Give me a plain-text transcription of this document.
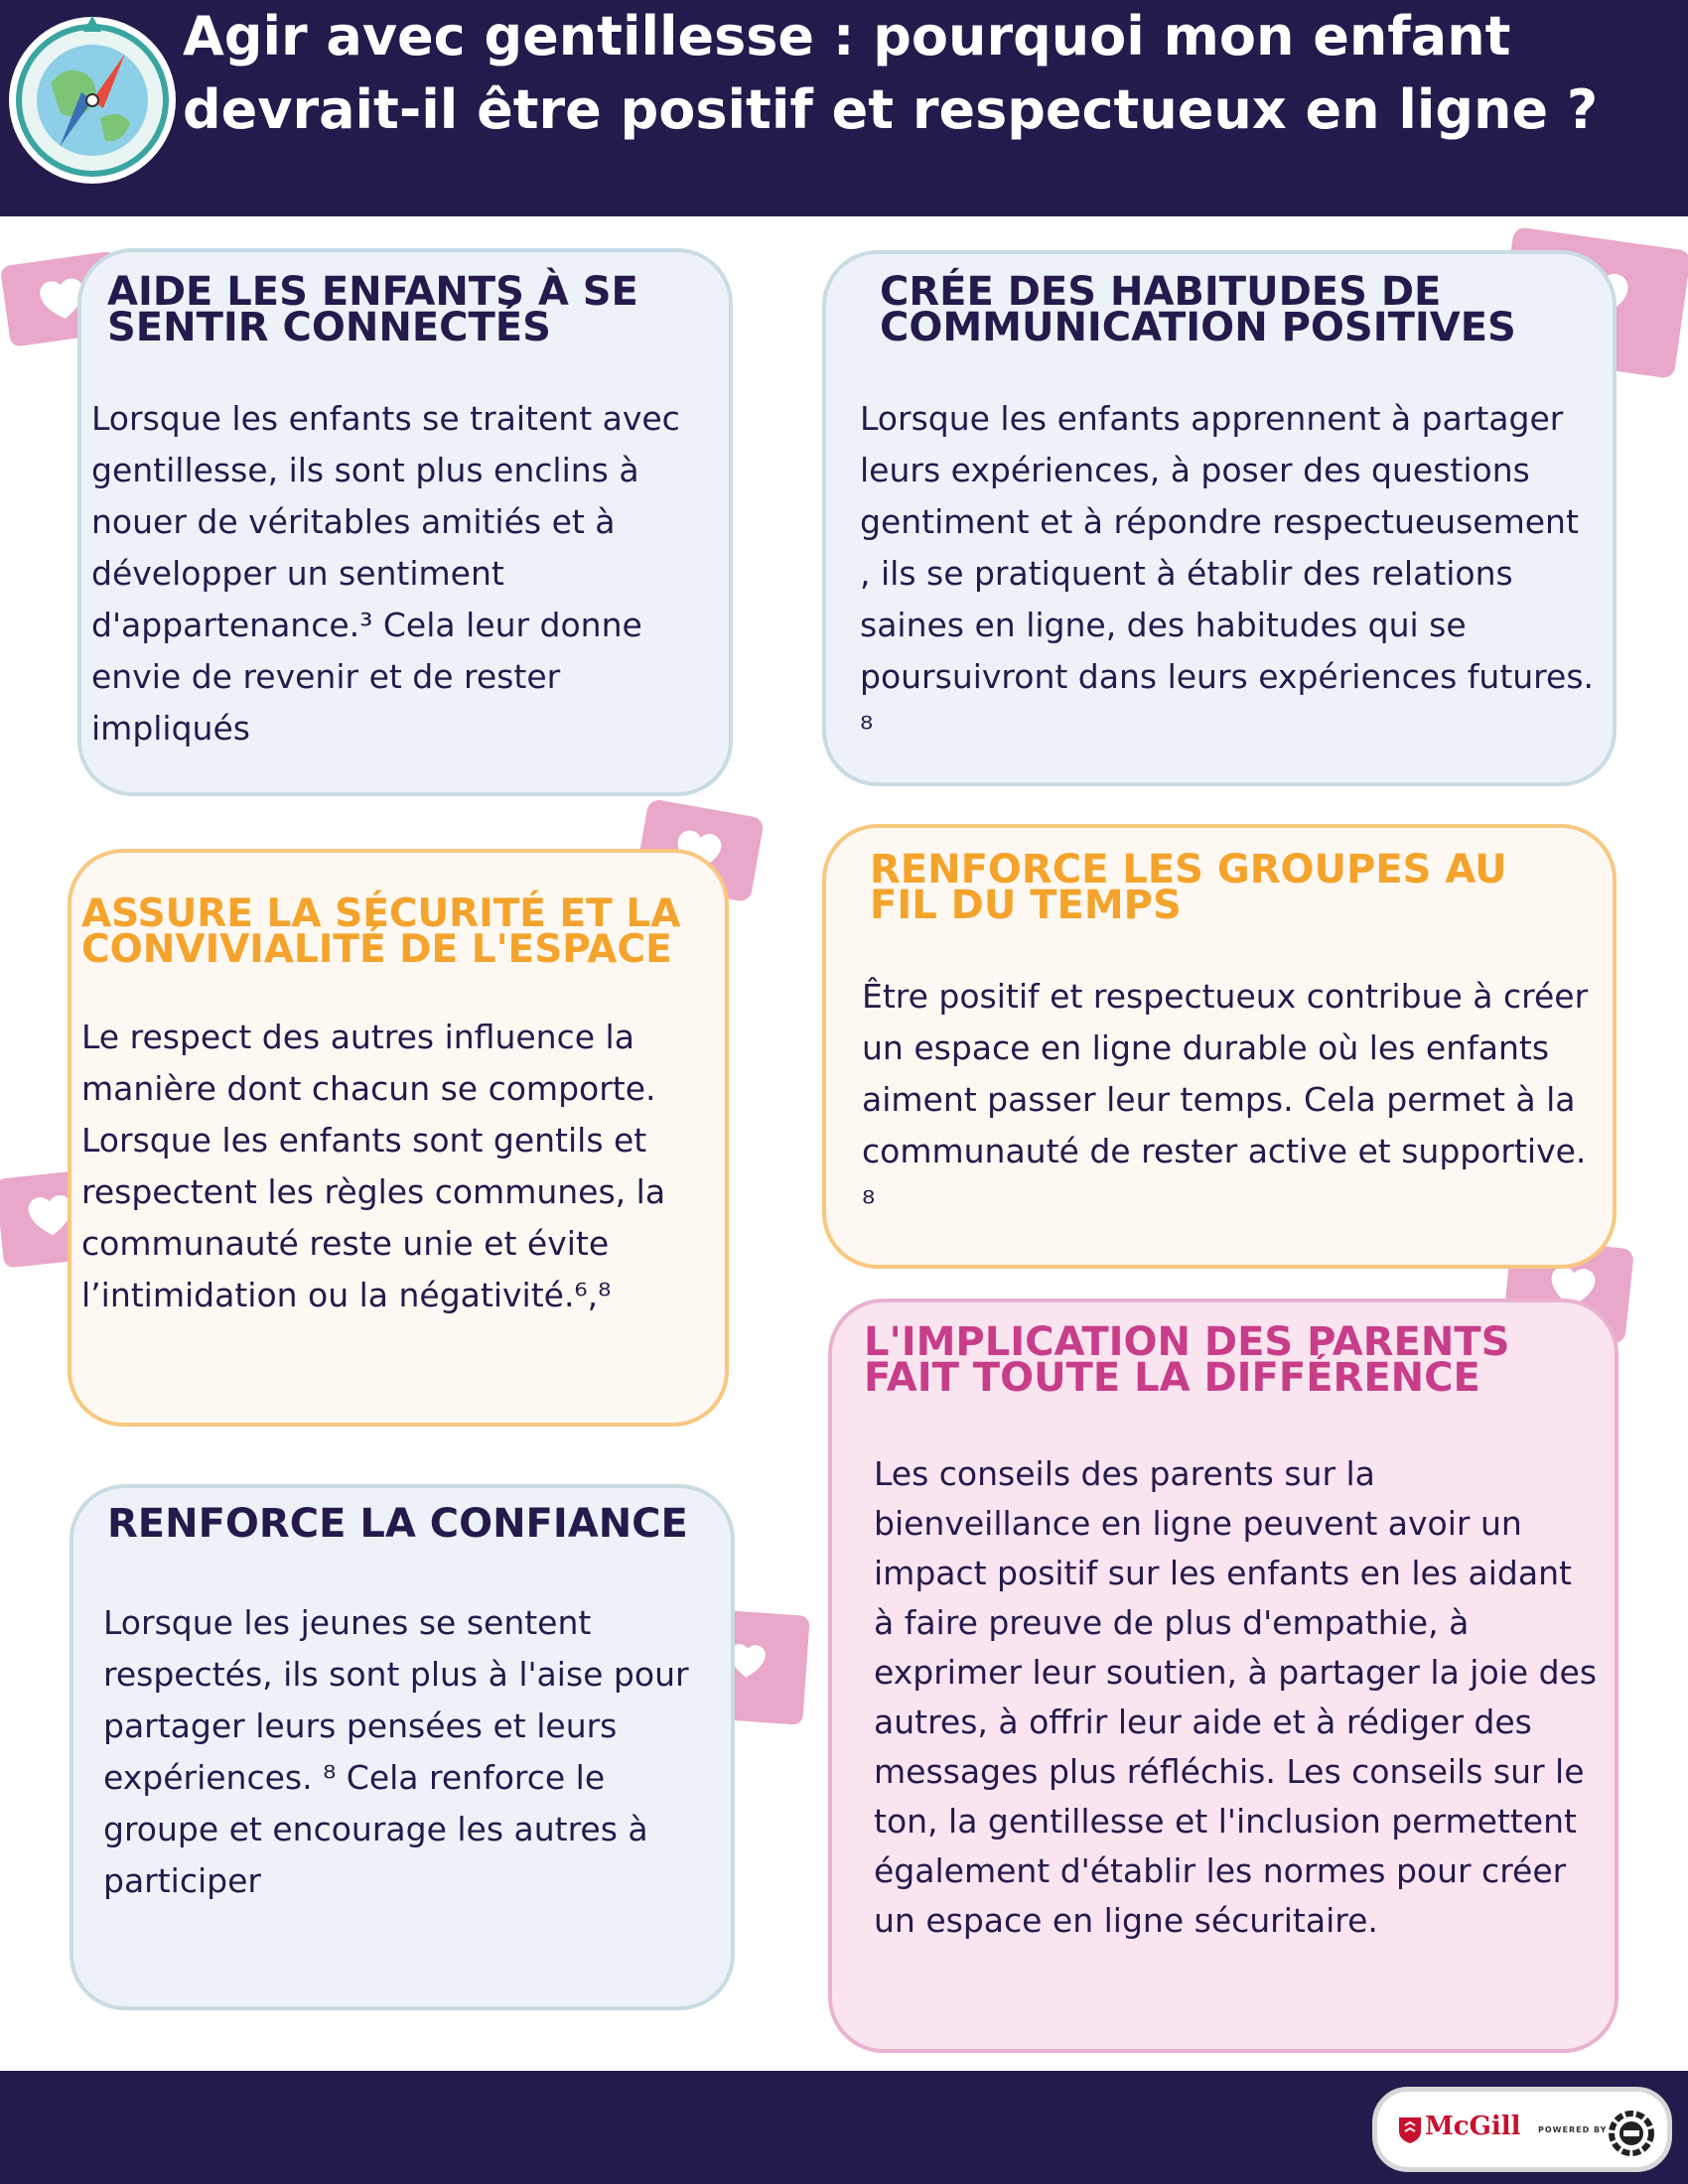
Agir avec gentillesse : pourquoi mon enfant devrait-il être positif et respectueux en ligne ?
AIDE LES ENFANTS À SE SENTIR CONNECTÉS

Lorsque les enfants se traitent avec gentillesse, ils sont plus enclins à nouer de véritables amitiés et à développer un sentiment d'appartenance.³ Cela leur donne envie de revenir et de rester impliqués

CRÉE DES HABITUDES DE COMMUNICATION POSITIVES

Lorsque les enfants apprennent à partager leurs expériences, à poser des questions gentiment et à répondre respectueusement , ils se pratiquent à établir des relations saines en ligne, des habitudes qui se poursuivront dans leurs expériences futures. ⁸

ASSURE LA SÉCURITÉ ET LA CONVIVIALITÉ DE L'ESPACE

Le respect des autres influence la manière dont chacun se comporte. Lorsque les enfants sont gentils et respectent les règles communes, la communauté reste unie et évite l’intimidation ou la négativité.⁶,⁸

RENFORCE LES GROUPES AU FIL DU TEMPS

Être positif et respectueux contribue à créer un espace en ligne durable où les enfants aiment passer leur temps. Cela permet à la communauté de rester active et supportive. ⁸

L'IMPLICATION DES PARENTS FAIT TOUTE LA DIFFÉRENCE

Les conseils des parents sur la bienveillance en ligne peuvent avoir un impact positif sur les enfants en les aidant à faire preuve de plus d'empathie, à exprimer leur soutien, à partager la joie des autres, à offrir leur aide et à rédiger des messages plus réfléchis. Les conseils sur le ton, la gentillesse et l'inclusion permettent également d'établir les normes pour créer un espace en ligne sécuritaire.

RENFORCE LA CONFIANCE

Lorsque les jeunes se sentent respectés, ils sont plus à l'aise pour partager leurs pensées et leurs expériences. ⁸ Cela renforce le groupe et encourage les autres à participer

McGill POWERED BY
